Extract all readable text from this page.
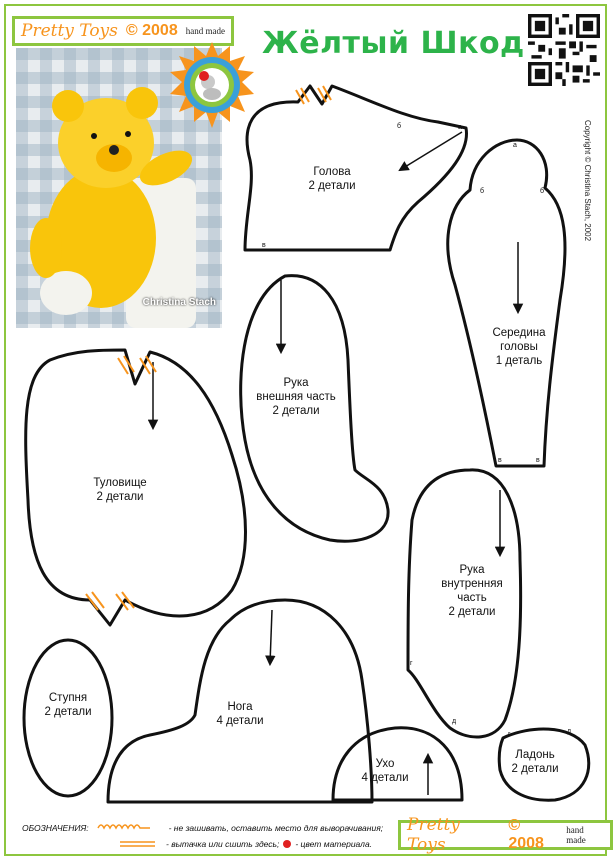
Pretty Toys © 2008 hand made Жёлтый Шкод
Christina Stach
Copyright © Christina Stach, 2002
Голова
2 детали
Середина
головы
1 деталь
Рука
внешняя часть
2 детали
Туловище
2 детали
Рука
внутренняя
часть
2 детали
Ступня
2 детали	Нога
4 детали
Ухо
4 детали
Ладонь
2 детали
а
б
в
а
б	б
в	в
г
д
г	д
ОБОЗНАЧЕНИЯ:	- не зашивать, оставить место для выворачивания;
- вытачка или сшить здесь; - цвет материала.
Pretty Toys
© 2008
hand made
